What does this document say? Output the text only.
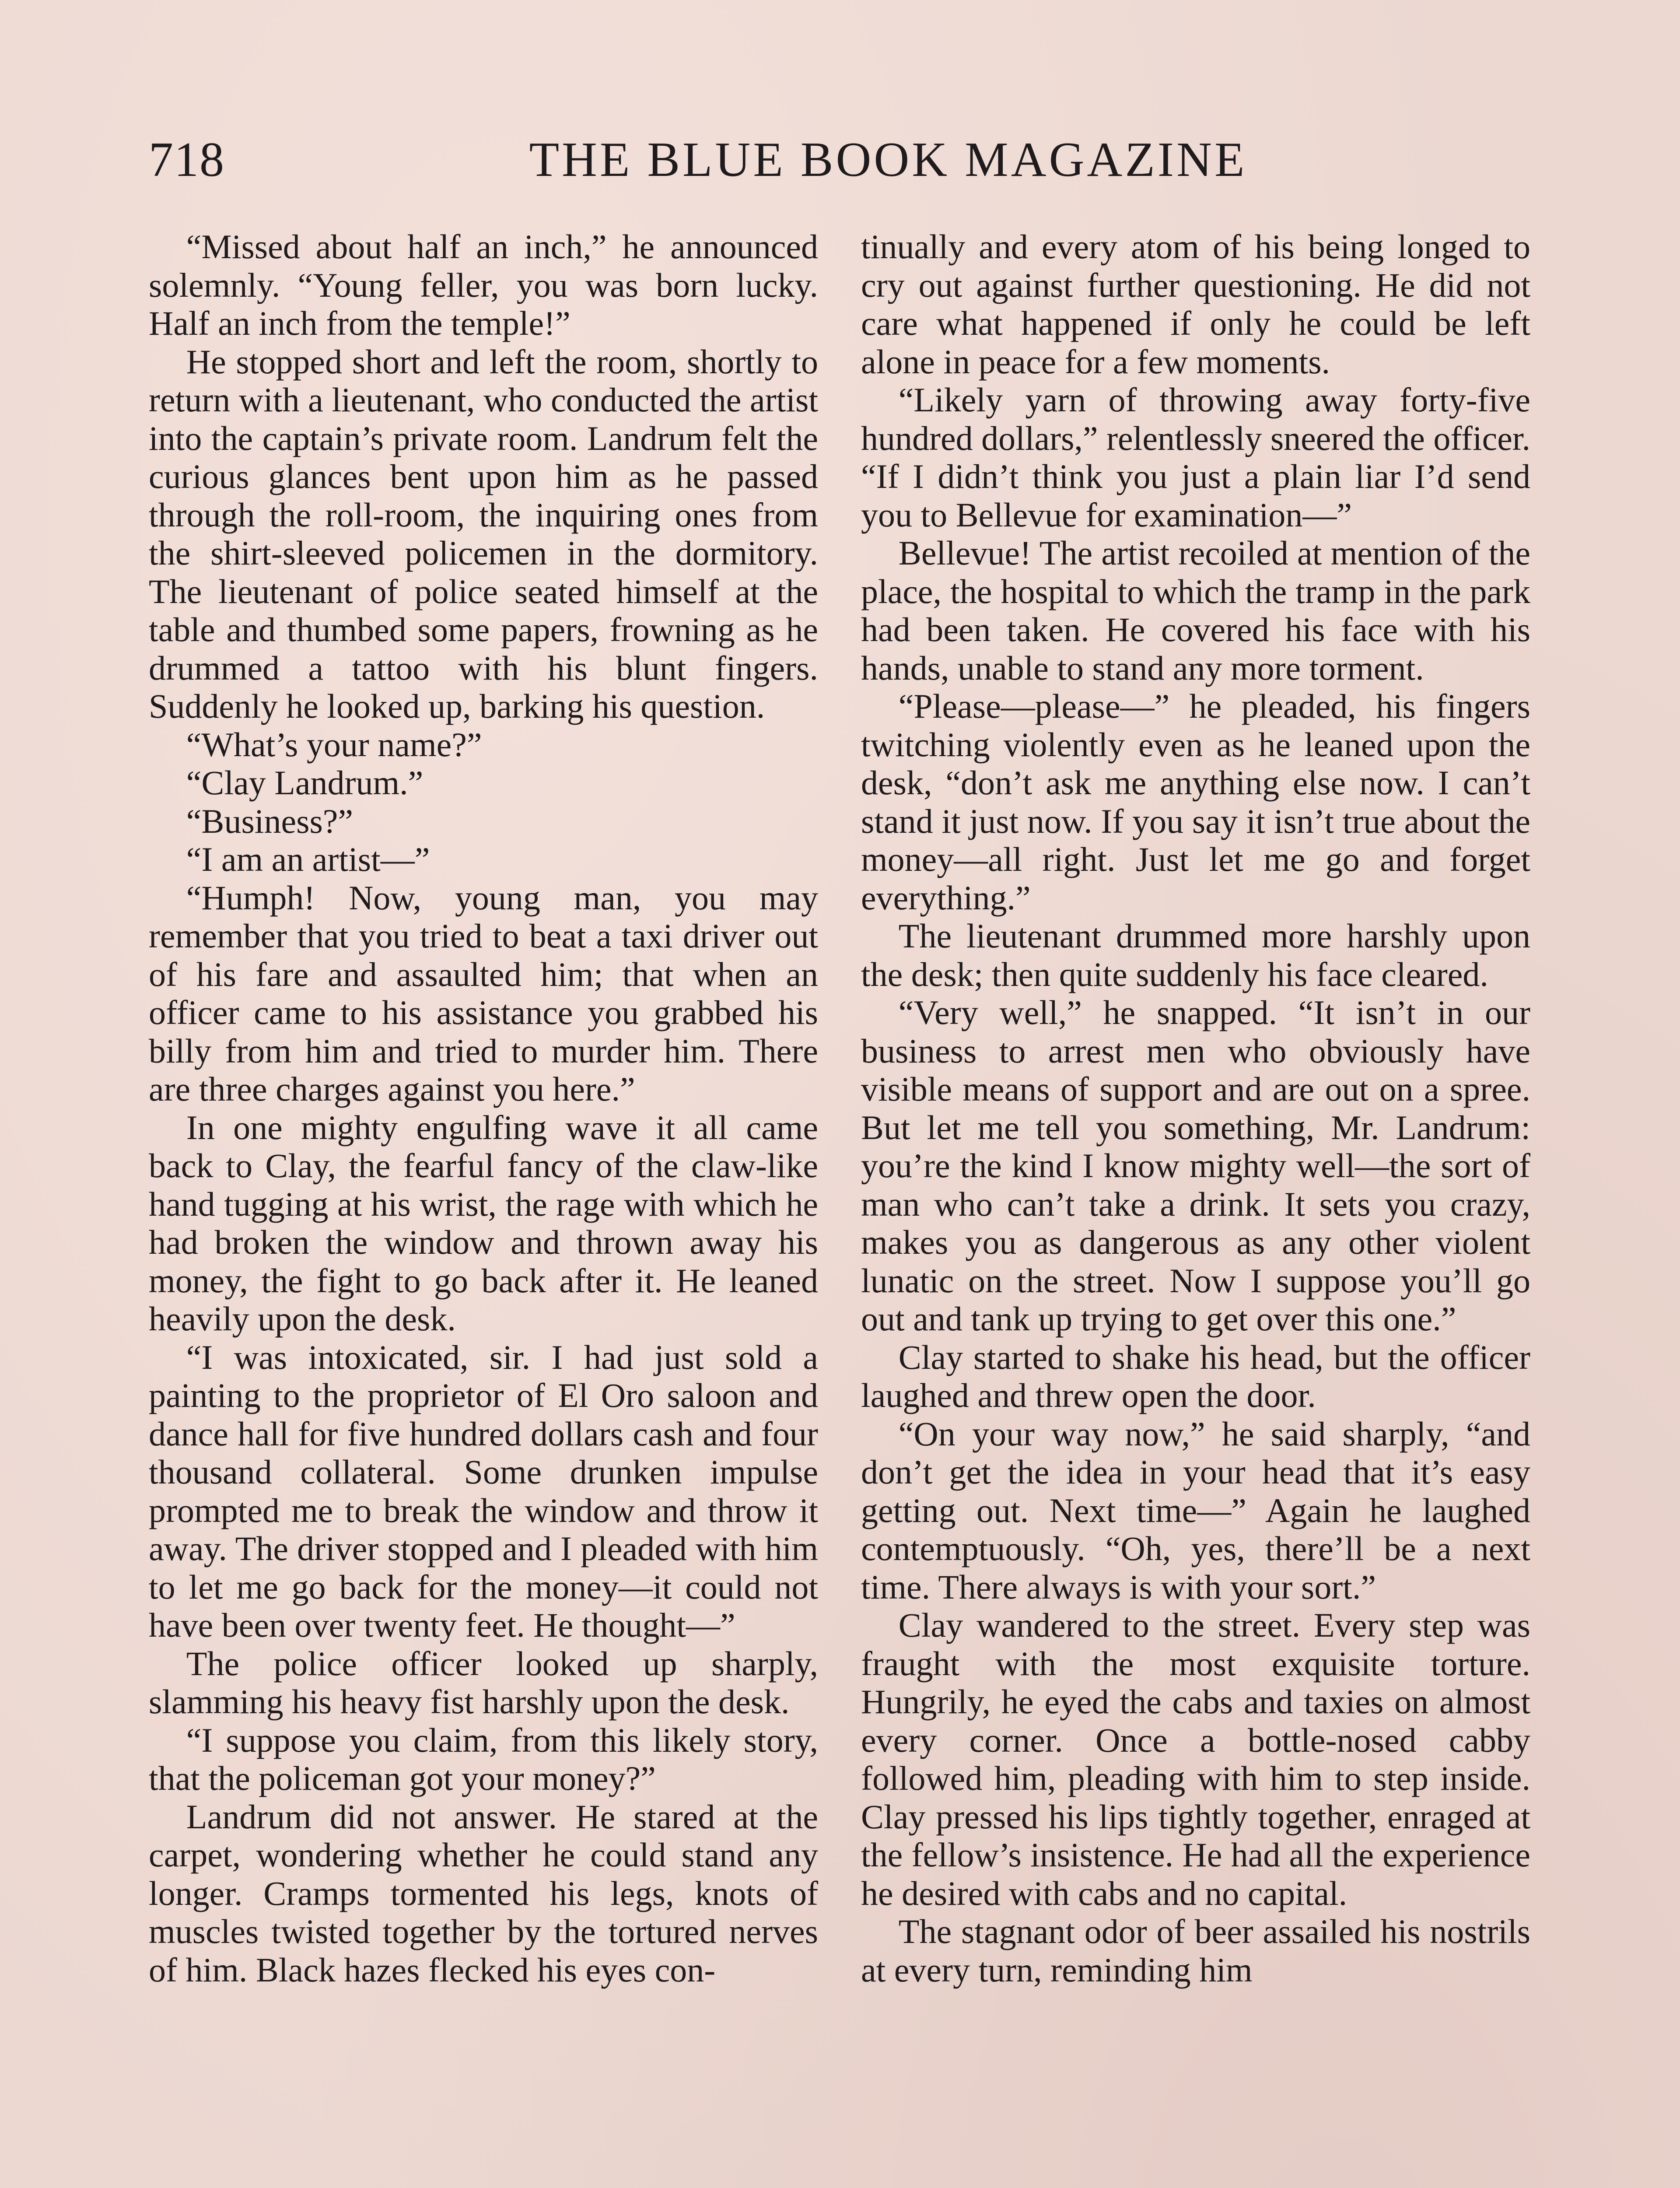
718	THE BLUE BOOK MAGAZINE

“Missed about half an inch,” he announced solemnly. “Young feller, you was born lucky. Half an inch from the temple!”

He stopped short and left the room, shortly to return with a lieutenant, who conducted the artist into the captain’s private room. Landrum felt the curious glances bent upon him as he passed through the roll-room, the inquiring ones from the shirt-sleeved policemen in the dormitory. The lieutenant of police seated himself at the table and thumbed some papers, frowning as he drummed a tattoo with his blunt fingers. Suddenly he looked up, barking his question.

“What’s your name?”

“Clay Landrum.”

“Business?”

“I am an artist—”

“Humph! Now, young man, you may remember that you tried to beat a taxi driver out of his fare and assaulted him; that when an officer came to his assistance you grabbed his billy from him and tried to murder him. There are three charges against you here.”

In one mighty engulfing wave it all came back to Clay, the fearful fancy of the claw-like hand tugging at his wrist, the rage with which he had broken the window and thrown away his money, the fight to go back after it. He leaned heavily upon the desk.

“I was intoxicated, sir. I had just sold a painting to the proprietor of El Oro saloon and dance hall for five hundred dollars cash and four thousand collateral. Some drunken impulse prompted me to break the window and throw it away. The driver stopped and I pleaded with him to let me go back for the money—it could not have been over twenty feet. He thought—”

The police officer looked up sharply, slamming his heavy fist harshly upon the desk.

“I suppose you claim, from this likely story, that the policeman got your money?”

Landrum did not answer. He stared at the carpet, wondering whether he could stand any longer. Cramps tormented his legs, knots of muscles twisted together by the tortured nerves of him. Black hazes flecked his eyes con-

tinually and every atom of his being longed to cry out against further questioning. He did not care what happened if only he could be left alone in peace for a few moments.

“Likely yarn of throwing away forty-five hundred dollars,” relentlessly sneered the officer. “If I didn’t think you just a plain liar I’d send you to Bellevue for examination—”

Bellevue! The artist recoiled at mention of the place, the hospital to which the tramp in the park had been taken. He covered his face with his hands, unable to stand any more torment.

“Please—please—” he pleaded, his fingers twitching violently even as he leaned upon the desk, “don’t ask me anything else now. I can’t stand it just now. If you say it isn’t true about the money—all right. Just let me go and forget everything.”

The lieutenant drummed more harshly upon the desk; then quite suddenly his face cleared.

“Very well,” he snapped. “It isn’t in our business to arrest men who obviously have visible means of support and are out on a spree. But let me tell you something, Mr. Landrum: you’re the kind I know mighty well—the sort of man who can’t take a drink. It sets you crazy, makes you as dangerous as any other violent lunatic on the street. Now I suppose you’ll go out and tank up trying to get over this one.”

Clay started to shake his head, but the officer laughed and threw open the door.

“On your way now,” he said sharply, “and don’t get the idea in your head that it’s easy getting out. Next time—” Again he laughed contemptuously. “Oh, yes, there’ll be a next time. There always is with your sort.”

Clay wandered to the street. Every step was fraught with the most exquisite torture. Hungrily, he eyed the cabs and taxies on almost every corner. Once a bottle-nosed cabby followed him, pleading with him to step inside. Clay pressed his lips tightly together, enraged at the fellow’s insistence. He had all the experience he desired with cabs and no capital.

The stagnant odor of beer assailed his nostrils at every turn, reminding him
